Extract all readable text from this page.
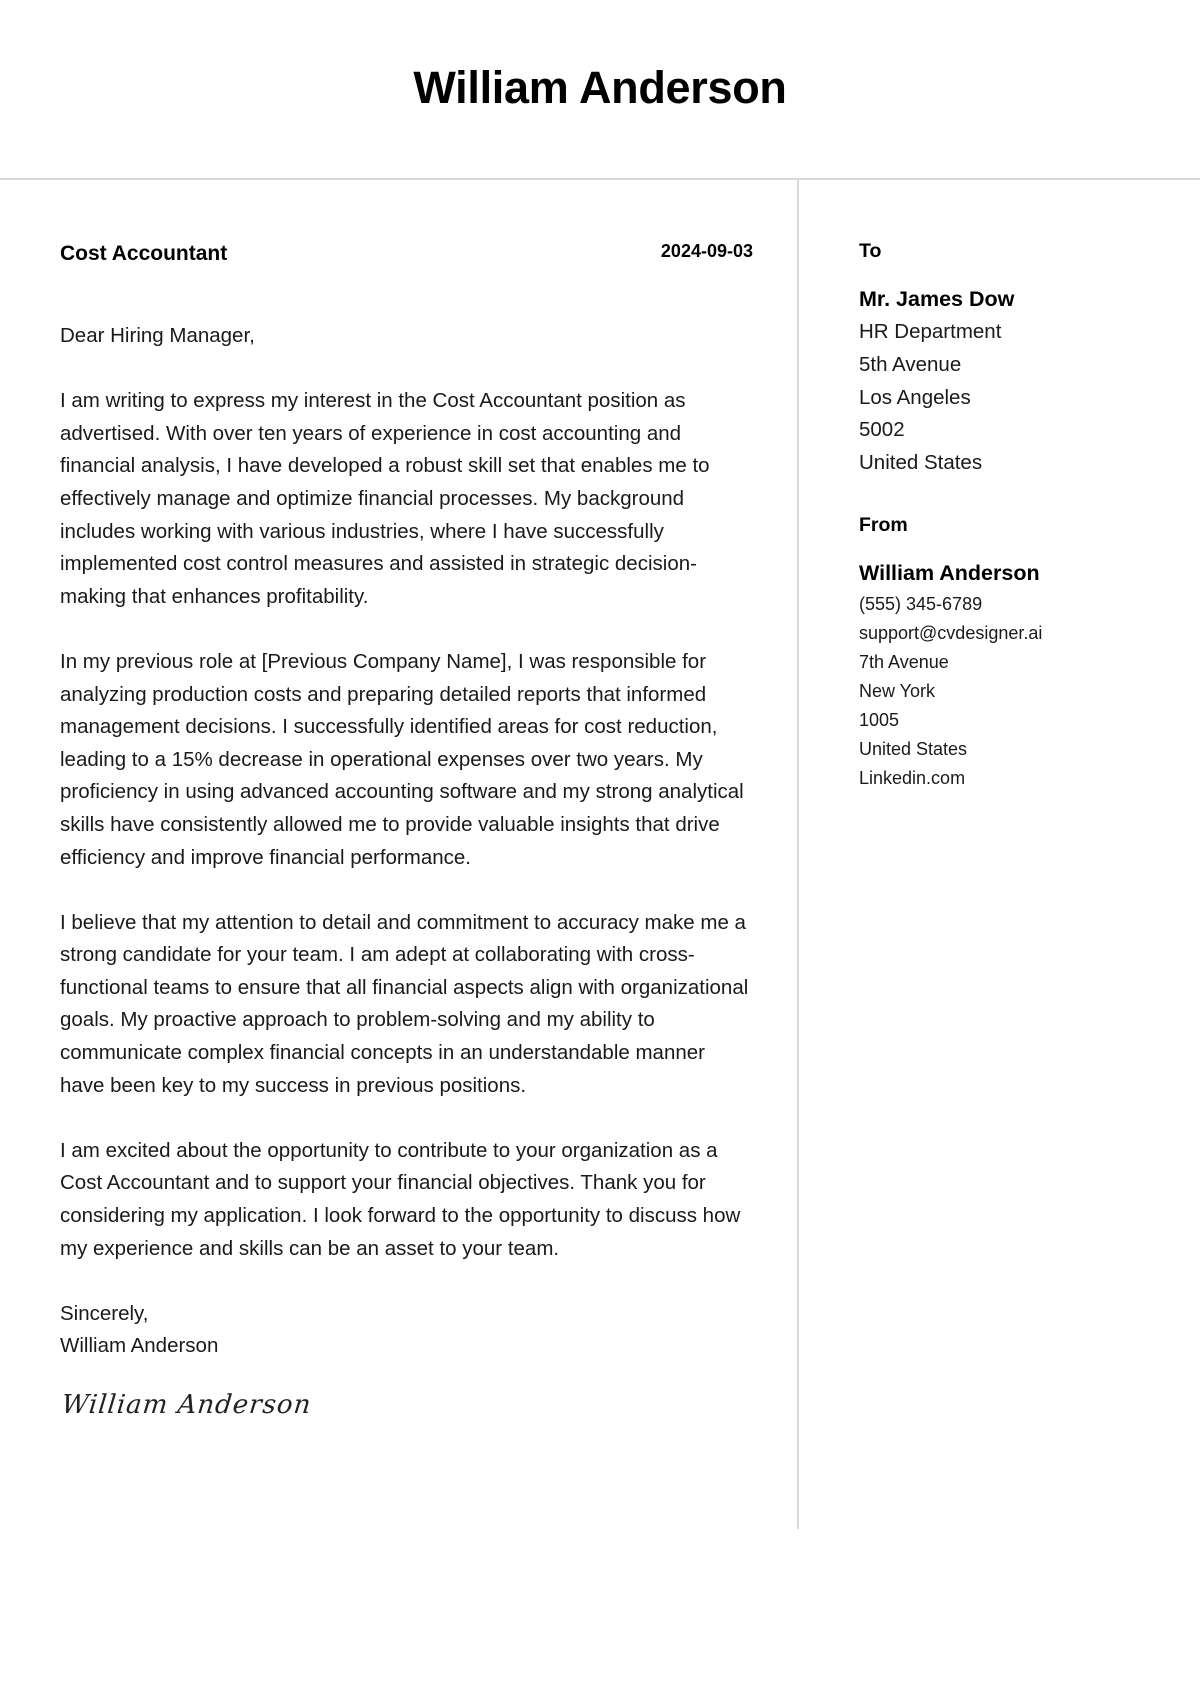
William Anderson
Cost Accountant	2024-09-03

Dear Hiring Manager,

I am writing to express my interest in the Cost Accountant position as advertised. With over ten years of experience in cost accounting and financial analysis, I have developed a robust skill set that enables me to effectively manage and optimize financial processes. My background includes working with various industries, where I have successfully implemented cost control measures and assisted in strategic decision-making that enhances profitability.

In my previous role at [Previous Company Name], I was responsible for analyzing production costs and preparing detailed reports that informed management decisions. I successfully identified areas for cost reduction, leading to a 15% decrease in operational expenses over two years. My proficiency in using advanced accounting software and my strong analytical skills have consistently allowed me to provide valuable insights that drive efficiency and improve financial performance.

I believe that my attention to detail and commitment to accuracy make me a strong candidate for your team. I am adept at collaborating with cross-functional teams to ensure that all financial aspects align with organizational goals. My proactive approach to problem-solving and my ability to communicate complex financial concepts in an understandable manner have been key to my success in previous positions.

I am excited about the opportunity to contribute to your organization as a Cost Accountant and to support your financial objectives. Thank you for considering my application. I look forward to the opportunity to discuss how my experience and skills can be an asset to your team.

Sincerely,

William Anderson

William Anderson
To
Mr. James Dow
HR Department
5th Avenue
Los Angeles
5002
United States
From
William Anderson
(555) 345-6789
support@cvdesigner.ai
7th Avenue
New York
1005
United States
Linkedin.com
